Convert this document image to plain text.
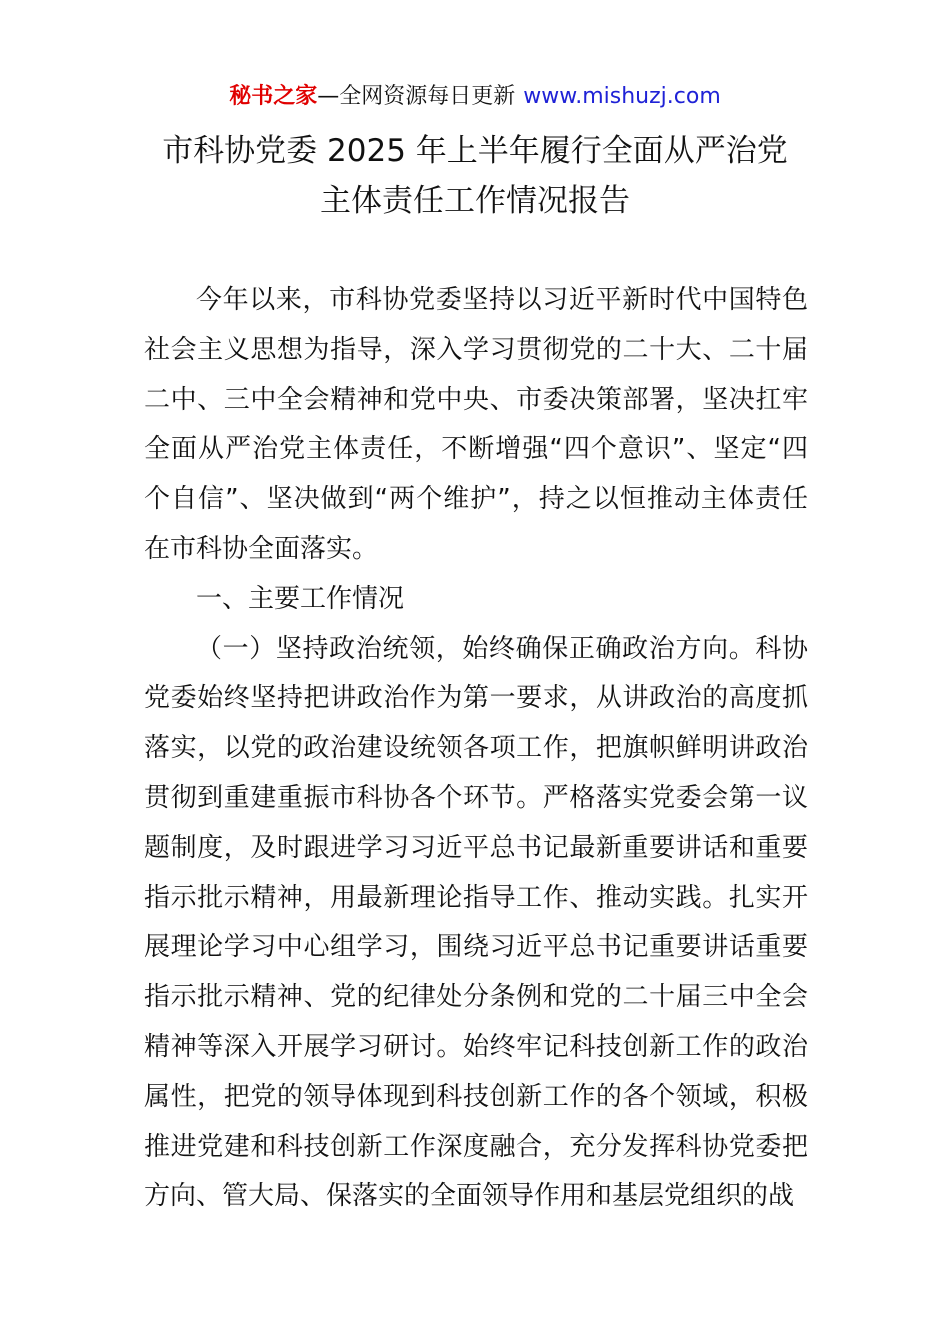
秘书之家—全网资源每日更新 www.mishuzj.com
市科协党委 2025 年上半年履行全面从严治党
主体责任工作情况报告

今年以来，市科协党委坚持以习近平新时代中国特色社会主义思想为指导，深入学习贯彻党的二十大、二十届二中、三中全会精神和党中央、市委决策部署，坚决扛牢全面从严治党主体责任，不断增强“四个意识”、坚定“四个自信”、坚决做到“两个维护”，持之以恒推动主体责任在市科协全面落实。

一、主要工作情况

（一）坚持政治统领，始终确保正确政治方向。科协党委始终坚持把讲政治作为第一要求，从讲政治的高度抓落实，以党的政治建设统领各项工作，把旗帜鲜明讲政治贯彻到重建重振市科协各个环节。严格落实党委会第一议题制度，及时跟进学习习近平总书记最新重要讲话和重要指示批示精神，用最新理论指导工作、推动实践。扎实开展理论学习中心组学习，围绕习近平总书记重要讲话重要指示批示精神、党的纪律处分条例和党的二十届三中全会精神等深入开展学习研讨。始终牢记科技创新工作的政治属性，把党的领导体现到科技创新工作的各个领域，积极推进党建和科技创新工作深度融合，充分发挥科协党委把方向、管大局、保落实的全面领导作用和基层党组织的战
